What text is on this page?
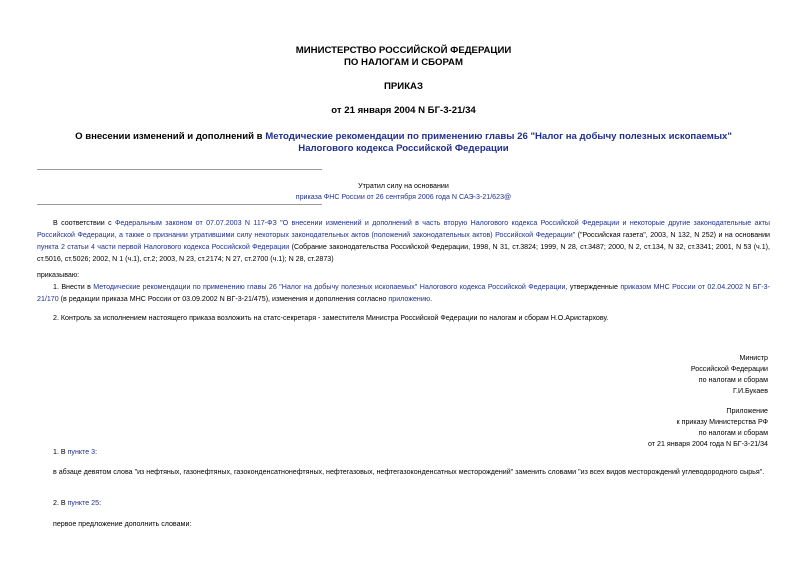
МИНИСТЕРСТВО РОССИЙСКОЙ ФЕДЕРАЦИИ
ПО НАЛОГАМ И СБОРАМ
ПРИКАЗ
от 21 января 2004 N БГ-3-21/34
О внесении изменений и дополнений в Методические рекомендации по применению главы 26 "Налог на добычу полезных ископаемых" Налогового кодекса Российской Федерации
Утратил силу на основании
приказа ФНС России от 26 сентября 2006 года N САЭ-3-21/623@
В соответствии с Федеральным законом от 07.07.2003 N 117-ФЗ "О внесении изменений и дополнений в часть вторую Налогового кодекса Российской Федерации и некоторые другие законодательные акты Российской Федерации, а также о признании утратившими силу некоторых законодательных актов (положений законодательных актов) Российской Федерации" ("Российская газета", 2003, N 132, N 252) и на основании пункта 2 статьи 4 части первой Налогового кодекса Российской Федерации (Собрание законодательства Российской Федерации, 1998, N 31, ст.3824; 1999, N 28, ст.3487; 2000, N 2, ст.134, N 32, ст.3341; 2001, N 53 (ч.1), ст.5016, ст.5026; 2002, N 1 (ч.1), ст.2; 2003, N 23, ст.2174; N 27, ст.2700 (ч.1); N 28, ст.2873)
приказываю:
1. Внести в Методические рекомендации по применению главы 26 "Налог на добычу полезных ископаемых" Налогового кодекса Российской Федерации, утвержденные приказом МНС России от 02.04.2002 N БГ-3-21/170 (в редакции приказа МНС России от 03.09.2002 N ВГ-3-21/475), изменения и дополнения согласно приложению.
2. Контроль за исполнением настоящего приказа возложить на статс-секретаря - заместителя Министра Российской Федерации по налогам и сборам Н.О.Аристархову.
Министр
Российской Федерации
по налогам и сборам
Г.И.Букаев
Приложение
к приказу Министерства РФ
по налогам и сборам
от 21 января 2004 года N БГ-3-21/34
1. В пункте 3:
в абзаце девятом слова "из нефтяных, газонефтяных, газоконденсатнонефтяных, нефтегазовых, нефтегазоконденсатных месторождений" заменить словами "из всех видов месторождений углеводородного сырья".
2. В пункте 25:
первое предложение дополнить словами:
